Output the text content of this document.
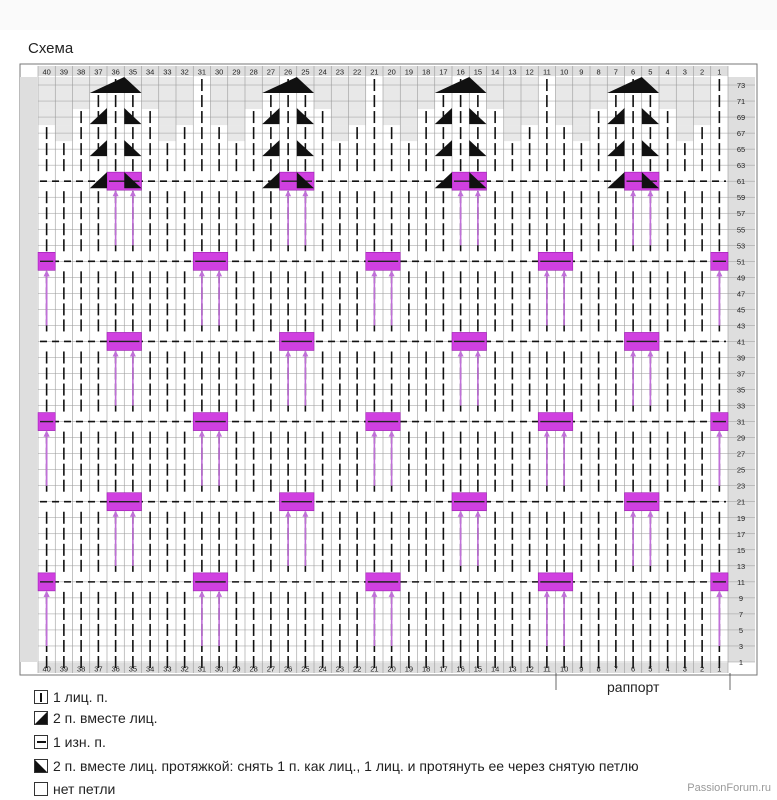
Схема
40
40
39
39
38
38
37
37
36
36
35
35
34
34
33
33
32
32
31
31
30
30
29
29
28
28
27
27
26
26
25
25
24
24
23
23
22
22
21
21
20
20
19
19
18
18
17
17
16
16
15
15
14
14
13
13
12
12
11
11
10
10
9
9
8
8
7
7
6
6
5
5
4
4
3
3
2
2
1
1
73
71
69
67
65
63
61
59
57
55
53
51
49
47
45
43
41
39
37
35
33
31
29
27
25
23
21
19
17
15
13
11
9
7
5
3
1
1 лиц. п.
2 п. вместе лиц.
1 изн. п.
2 п. вместе лиц. протяжкой: снять 1 п. как лиц., 1 лиц. и протянуть ее через снятую петлю
нет петли
раппорт
PassionForum.ru
